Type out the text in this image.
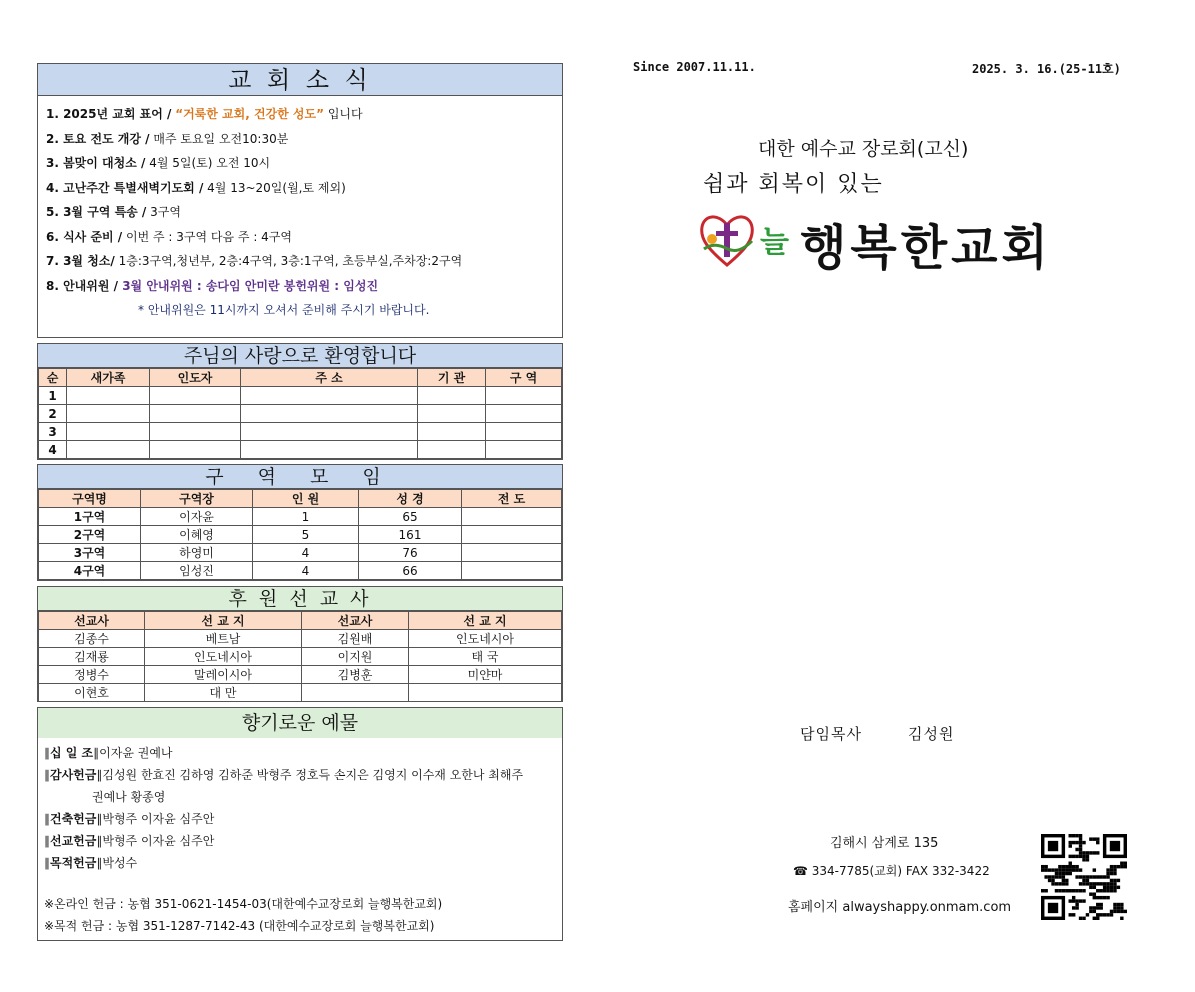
교 회 소 식
1. 2025년 교회 표어 / “거룩한 교회, 건강한 성도” 입니다
2. 토요 전도 개강 / 매주 토요일 오전10:30분
3. 봄맞이 대청소 / 4월 5일(토) 오전 10시
4. 고난주간 특별새벽기도회 / 4월 13~20일(월,토 제외)
5. 3월 구역 특송 / 3구역
6. 식사 준비 / 이번 주 : 3구역 다음 주 : 4구역
7. 3월 청소/ 1층:3구역,청년부, 2층:4구역, 3층:1구역, 초등부실,주차장:2구역
8. 안내위원 / 3월 안내위원 : 송다임 안미란 봉헌위원 : 임성진
* 안내위원은 11시까지 오셔서 준비해 주시기 바랍니다.
주님의 사랑으로 환영합니다
순	새가족	인도자	주 소	기 관	구 역
1					
2					
3					
4					
구 역 모 임
구역명	구역장	인 원	성 경	전 도
1구역	이자윤	1	65	
2구역	이혜영	5	161	
3구역	하영미	4	76	
4구역	임성진	4	66	
후 원 선 교 사
선교사	선 교 지	선교사	선 교 지
김종수	베트남	김원배	인도네시아
김재룡	인도네시아	이지원	태 국
정병수	말레이시아	김병훈	미얀마
이현호	대 만		
향기로운 예물
∥십 일 조∥이자윤 권예나
∥감사헌금∥김성원 한효진 김하영 김하준 박형주 정호득 손지은 김영지 이수재 오한나 최해주
권예나 황종영
∥건축헌금∥박형주 이자윤 심주안
∥선교헌금∥박형주 이자윤 심주안
∥목적헌금∥박성수
※온라인 헌금 : 농협 351-0621-1454-03(대한예수교장로회 늘행복한교회)
※목적 헌금 : 농협 351-1287-7142-43 (대한예수교장로회 늘행복한교회)
Since 2007.11.11.	2025. 3. 16.(25-11호)
대한 예수교 장로회(고신)
쉼과 회복이 있는
늘 행복한교회
담임목사	김성원
김해시 삼계로 135
☎ 334-7785(교회) FAX 332-3422
홈페이지 alwayshappy.onmam.com
